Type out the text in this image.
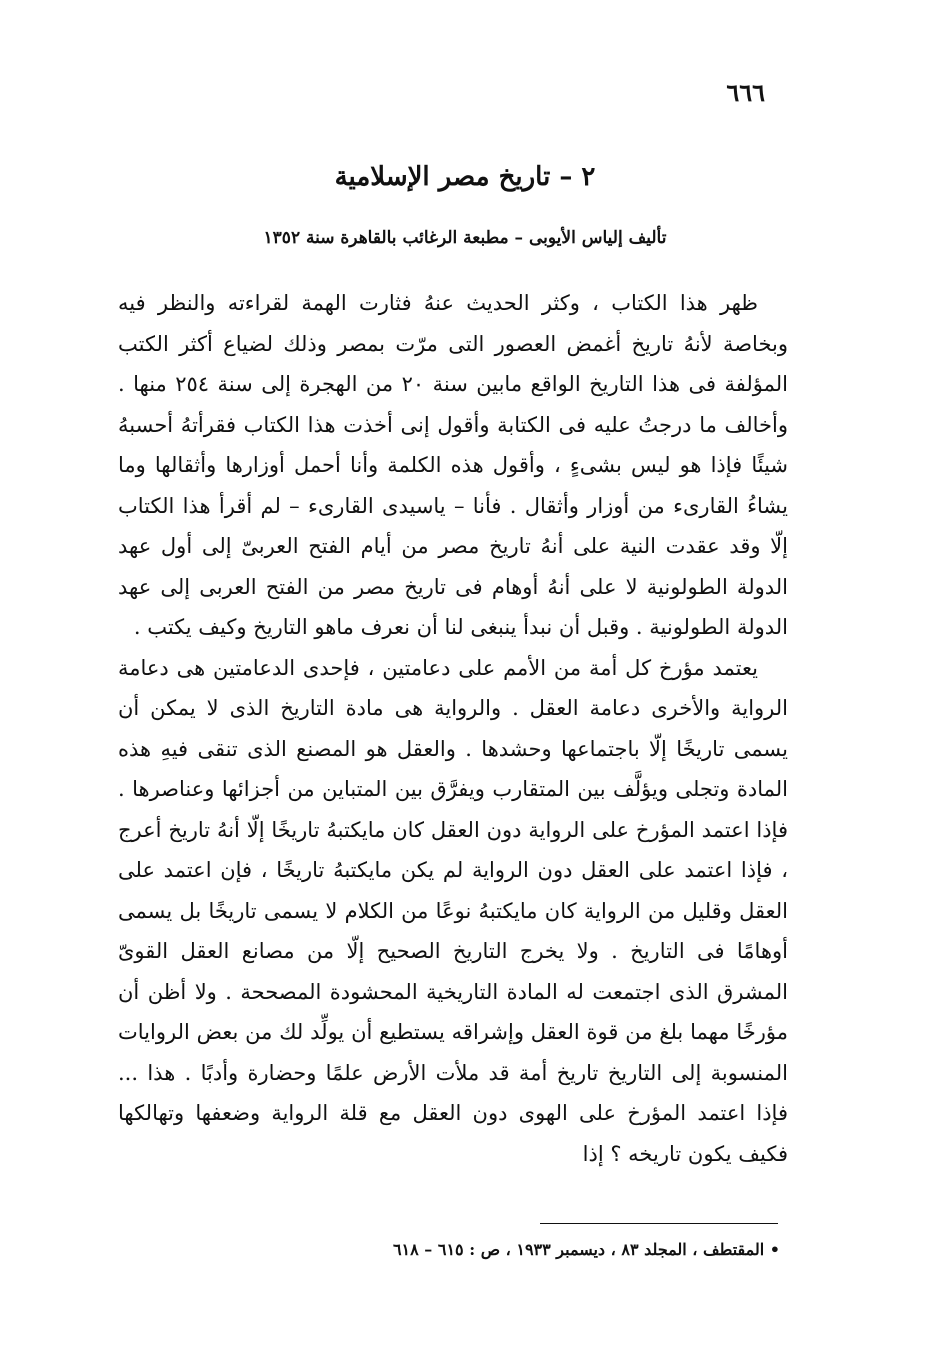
٦٦٦
٢ – تاريخ مصر الإسلامية
تأليف إلياس الأيوبى – مطبعة الرغائب بالقاهرة سنة ١٣٥٢

ظهر هذا الكتاب ، وكثر الحديث عنهُ فثارت الهمة لقراءته والنظر فيه وبخاصة لأنهُ تاريخ أغمض العصور التى مرّت بمصر وذلك لضياع أكثر الكتب المؤلفة فى هذا التاريخ الواقع مابين سنة ٢٠ من الهجرة إلى سنة ٢٥٤ منها . وأخالف ما درجتُ عليه فى الكتابة وأقول إنى أخذت هذا الكتاب فقرأتهُ أحسبهُ شيئًا فإذا هو ليس بشىءٍ ، وأقول هذه الكلمة وأنا أحمل أوزارها وأثقالها وما يشاءُ القارىء من أوزار وأثقال . فأنا – ياسيدى القارىء – لم أقرأ هذا الكتاب إلّا وقد عقدت النية على أنهُ تاريخ مصر من أيام الفتح العربىّ إلى أول عهد الدولة الطولونية لا على أنهُ أوهام فى تاريخ مصر من الفتح العربى إلى عهد الدولة الطولونية . وقبل أن نبدأ ينبغى لنا أن نعرف ماهو التاريخ وكيف يكتب .

يعتمد مؤرخ كل أمة من الأمم على دعامتين ، فإحدى الدعامتين هى دعامة الرواية والأخرى دعامة العقل . والرواية هى مادة التاريخ الذى لا يمكن أن يسمى تاريخًا إلّا باجتماعها وحشدها . والعقل هو المصنع الذى تنقى فيهِ هذه المادة وتجلى ويؤلَّف بين المتقارب ويفرَّق بين المتباين من أجزائها وعناصرها . فإذا اعتمد المؤرخ على الرواية دون العقل كان مايكتبهُ تاريخًا إلّا أنهُ تاريخ أعرج ، فإذا اعتمد على العقل دون الرواية لم يكن مايكتبهُ تاريخًا ، فإن اعتمد على العقل وقليل من الرواية كان مايكتبهُ نوعًا من الكلام لا يسمى تاريخًا بل يسمى أوهامًا فى التاريخ . ولا يخرج التاريخ الصحيح إلّا من مصانع العقل القوىّ المشرق الذى اجتمعت له المادة التاريخية المحشودة المصححة . ولا أظن أن مؤرخًا مهما بلغ من قوة العقل وإشراقه يستطيع أن يولِّد لك من بعض الروايات المنسوبة إلى التاريخ تاريخ أمة قد ملأت الأرض علمًا وحضارة وأدبًا . هذا ... فإذا اعتمد المؤرخ على الهوى دون العقل مع قلة الرواية وضعفها وتهالكها فكيف يكون تاريخه ؟ إذا

• المقتطف ، المجلد ٨٣ ، ديسمبر ١٩٣٣ ، ص : ٦١٥ – ٦١٨
